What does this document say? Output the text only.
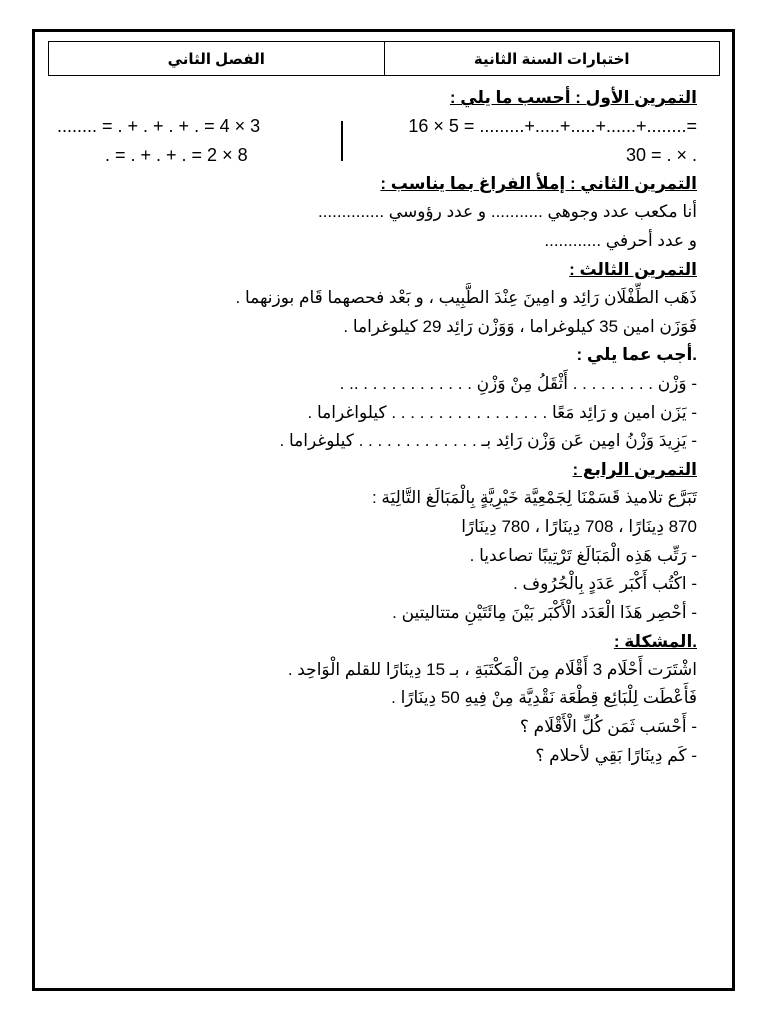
الفصل الثاني	اختبارات السنة الثانية
التمرين الأول : أحسب ما يلي :
........ = . + . + . + . = 4 × 3	16 × 5 = .........+.....+.....+......+........=
. = . + . + . = 2 × 8	30 = . × .
التمرين الثاني : إملأ الفراغ بما يناسب :
أنا مكعب عدد وجوهي ........... و عدد رؤوسي ..............
و عدد أحرفي ............
التمرين الثالث :
ذَهَب الطِّفْلَان رَائِد و امِينَ عِنْدَ الطَّبِيب ، و بَعْد فحصهما قَام بوزنهما .
فَوَزَن امين 35 كيلوغراما ، وَوَزْن رَائِد 29 كيلوغراما .
.أجب عما يلي :
- وَزْن . . . . . . . . . أَثْقَلُ مِنْ وَزْنِ . . . . . . . . . . . . .. .
- يَزَن امين و رَائِد مَعًا . . . . . . . . . . . . . . . . . كيلواغراما .
- يَزِيدَ وَزْنُ امِين عَن وَزْن رَائِد بـ . . . . . . . . . . . . . كيلوغراما .
التمرين الرابع :
تَبَرَّع تلاميذ قَسَمْنَا لِجَمْعِيَّة خَيْرِيَّةٍ بِالْمَبَالَغ التَّالِيَة :
870 دِينَارًا ، 708 دِينَارًا ، 780 دِينَارًا
- رَتِّب هَذِه الْمَبَالَغ تَرْتِيبًا تصاعديا .
- اكْتُب أَكْبَر عَدَدٍ بِالْحُرُوف .
- أحْصِر هَذَا الْعَدَد الْأَكْبَر بَيْنَ مِائَتَيْنِ متتاليتين .
.المشكلة :
اشْتَرَت أَحْلَام 3 أَقْلَام مِنَ الْمَكْتَبَةِ ، بـ 15 دِينَارًا للقلم الْوَاحِد .
فَأَعْطَت لِلْبَائِع قِطْعَة نَقْدِيَّة مِنْ فِيهِ 50 دِينَارًا .
- أَحْسَب ثَمَن كُلِّ الْأَقْلَام ؟
- كَم دِينَارًا بَقِي لأحلام ؟
